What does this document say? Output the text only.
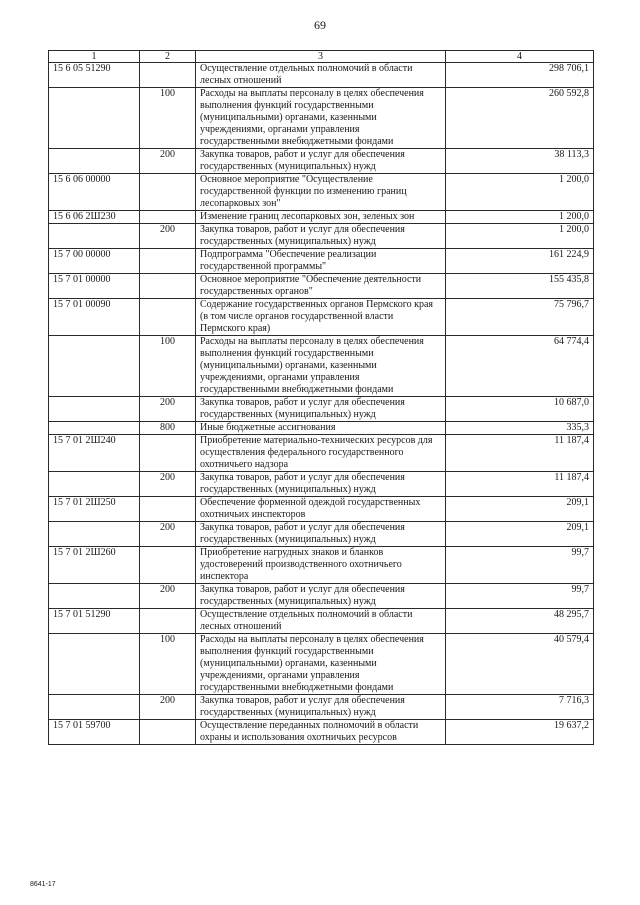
69
1	2	3	4
15 6 05 51290		Осуществление отдельных полномочий в области лесных отношений	298 706,1
	100	Расходы на выплаты персоналу в целях обеспечения выполнения функций государственными (муниципальными) органами, казенными учреждениями, органами управления государственными внебюджетными фондами	260 592,8
	200	Закупка товаров, работ и услуг для обеспечения государственных (муниципальных) нужд	38 113,3
15 6 06 00000		Основное мероприятие "Осуществление государственной функции по изменению границ лесопарковых зон"	1 200,0
15 6 06 2Ш230		Изменение границ лесопарковых зон, зеленых зон	1 200,0
	200	Закупка товаров, работ и услуг для обеспечения государственных (муниципальных) нужд	1 200,0
15 7 00 00000		Подпрограмма "Обеспечение реализации государственной программы"	161 224,9
15 7 01 00000		Основное мероприятие "Обеспечение деятельности государственных органов"	155 435,8
15 7 01 00090		Содержание государственных органов Пермского края (в том числе органов государственной власти Пермского края)	75 796,7
	100	Расходы на выплаты персоналу в целях обеспечения выполнения функций государственными (муниципальными) органами, казенными учреждениями, органами управления государственными внебюджетными фондами	64 774,4
	200	Закупка товаров, работ и услуг для обеспечения государственных (муниципальных) нужд	10 687,0
	800	Иные бюджетные ассигнования	335,3
15 7 01 2Ш240		Приобретение материально-технических ресурсов для осуществления федерального государственного охотничьего надзора	11 187,4
	200	Закупка товаров, работ и услуг для обеспечения государственных (муниципальных) нужд	11 187,4
15 7 01 2Ш250		Обеспечение форменной одеждой государственных охотничьих инспекторов	209,1
	200	Закупка товаров, работ и услуг для обеспечения государственных (муниципальных) нужд	209,1
15 7 01 2Ш260		Приобретение нагрудных знаков и бланков удостоверений производственного охотничьего инспектора	99,7
	200	Закупка товаров, работ и услуг для обеспечения государственных (муниципальных) нужд	99,7
15 7 01 51290		Осуществление отдельных полномочий в области лесных отношений	48 295,7
	100	Расходы на выплаты персоналу в целях обеспечения выполнения функций государственными (муниципальными) органами, казенными учреждениями, органами управления государственными внебюджетными фондами	40 579,4
	200	Закупка товаров, работ и услуг для обеспечения государственных (муниципальных) нужд	7 716,3
15 7 01 59700		Осуществление переданных полномочий в области охраны и использования охотничьих ресурсов	19 637,2
8641-17
